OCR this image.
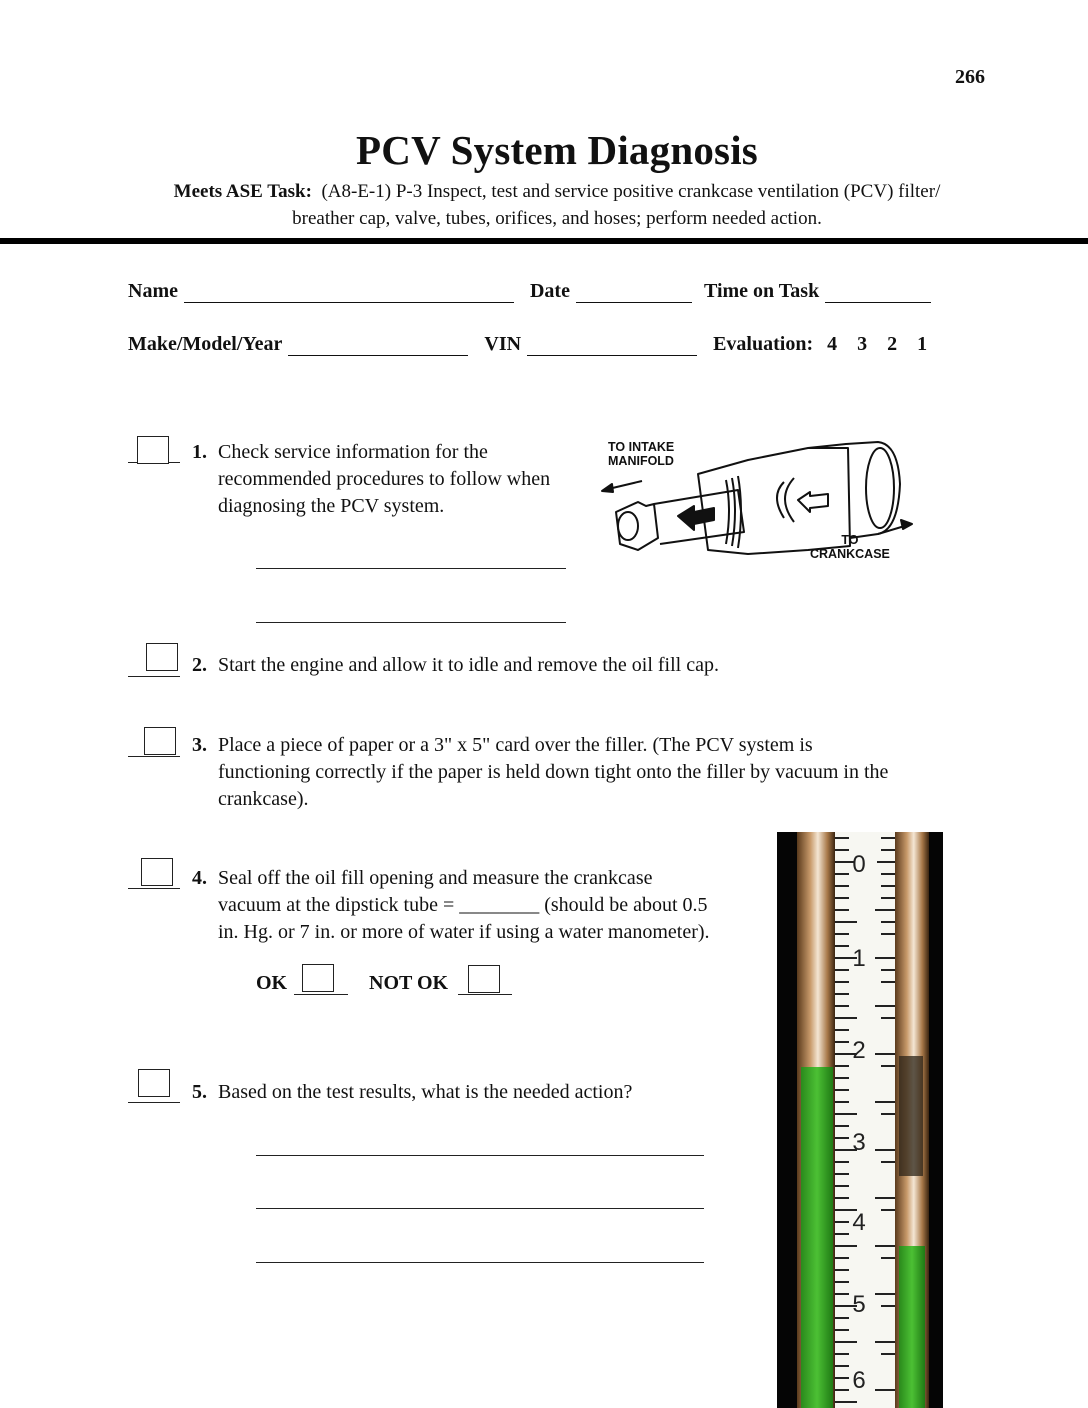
266
PCV System Diagnosis
Meets ASE Task: (A8-E-1) P-3 Inspect, test and service positive crankcase ventilation (PCV) filter/
breather cap, valve, tubes, orifices, and hoses; perform needed action.
Name	Date	Time on Task
Make/Model/Year	VIN	Evaluation: 4 3 2 1
1. Check service information for the
recommended procedures to follow when
diagnosing the PCV system.
TO INTAKE
MANIFOLD
TO
CRANKCASE
2. Start the engine and allow it to idle and remove the oil fill cap.
3. Place a piece of paper or a 3" x 5" card over the filler. (The PCV system is
functioning correctly if the paper is held down tight onto the filler by vacuum in the
crankcase).
4. Seal off the oil fill opening and measure the crankcase
vacuum at the dipstick tube = ________ (should be about 0.5
in. Hg. or 7 in. or more of water if using a water manometer).
OK	NOT OK
5. Based on the test results, what is the needed action?
0
1
2
3
4
5
6
